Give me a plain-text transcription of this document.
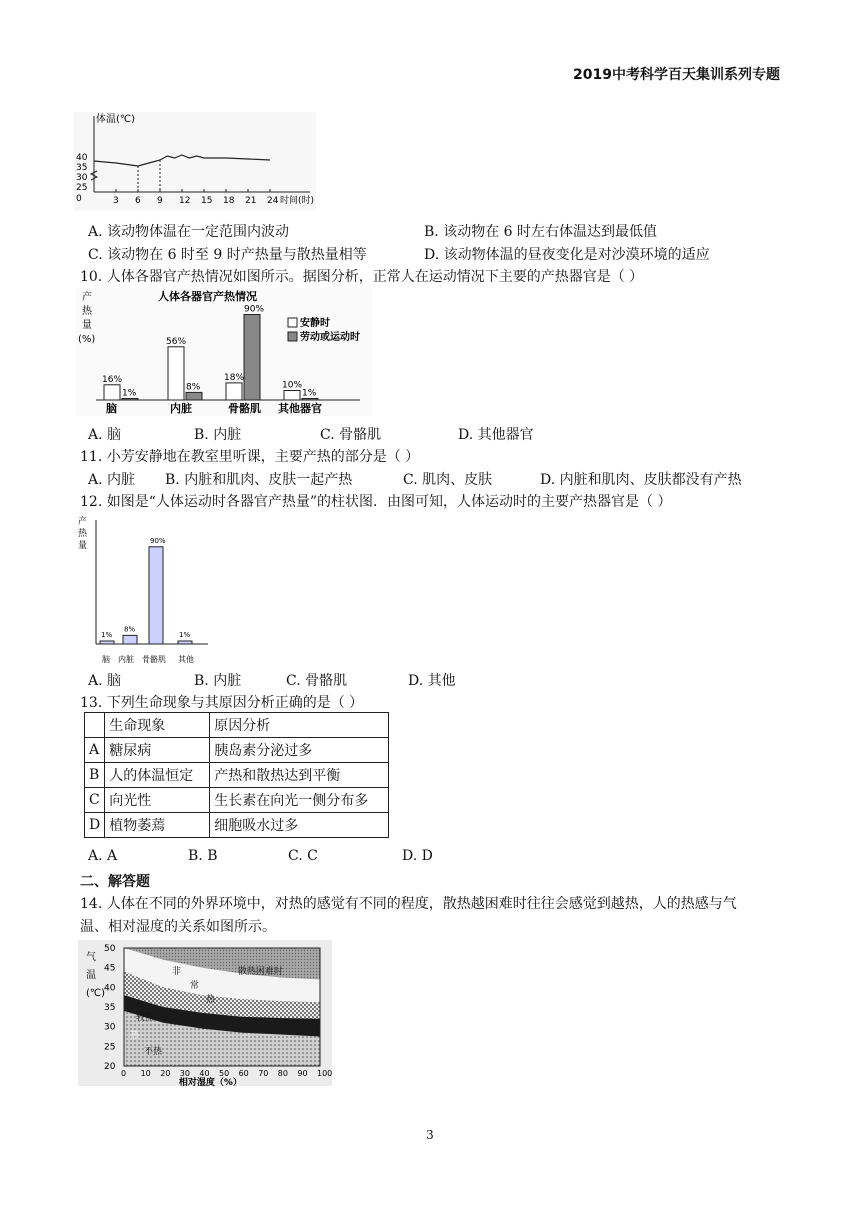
2019中考科学百天集训系列专题
体温(℃)
40
35
30
25
0	3 6 9 12 15 18 21 24 时间(时)
A. 该动物体温在一定范围内波动	B. 该动物在 6 时左右体温达到最低值
C. 该动物在 6 时至 9 时产热量与散热量相等	D. 该动物体温的昼夜变化是对沙漠环境的适应
10. 人体各器官产热情况如图所示。据图分析，正常人在运动情况下主要的产热器官是（ ）
产
热
量
(%)
人体各器官产热情况
16%
1%
脑
56%
8%
内脏
18%
90%
骨骼肌
10%
1%
其他器官
安静时
劳动或运动时
A. 脑	B. 内脏	C. 骨骼肌	D. 其他器官
11. 小芳安静地在教室里听课，主要产热的部分是（ ）
A. 内脏 B. 内脏和肌肉、皮肤一起产热	C. 肌肉、皮肤	D. 内脏和肌肉、皮肤都没有产热
12. 如图是“人体运动时各器官产热量”的柱状图．由图可知，人体运动时的主要产热器官是（ ）
产
热
量
1%
8%
90%
1%
脑 内脏 骨骼肌 其他
A. 脑	B. 内脏	C. 骨骼肌	D. 其他
13. 下列生命现象与其原因分析正确的是（ ）
	生命现象	原因分析
A	糖尿病	胰岛素分泌过多
B	人的体温恒定	产热和散热达到平衡
C	向光性	生长素在向光一侧分布多
D	植物萎蔫	细胞吸水过多
A. A	B. B	C. C	D. D
二、解答题
14. 人体在不同的外界环境中，对热的感觉有不同的程度，散热越困难时往往会感觉到越热，人的热感与气
温、相对湿度的关系如图所示。
气
温
(℃)
50
45
40
35
30
25
20
0 10 20 30 40 50 60 70 80 90 100
相对湿度（%）
散热困难时
非
常
热
较热
热
不热
3
